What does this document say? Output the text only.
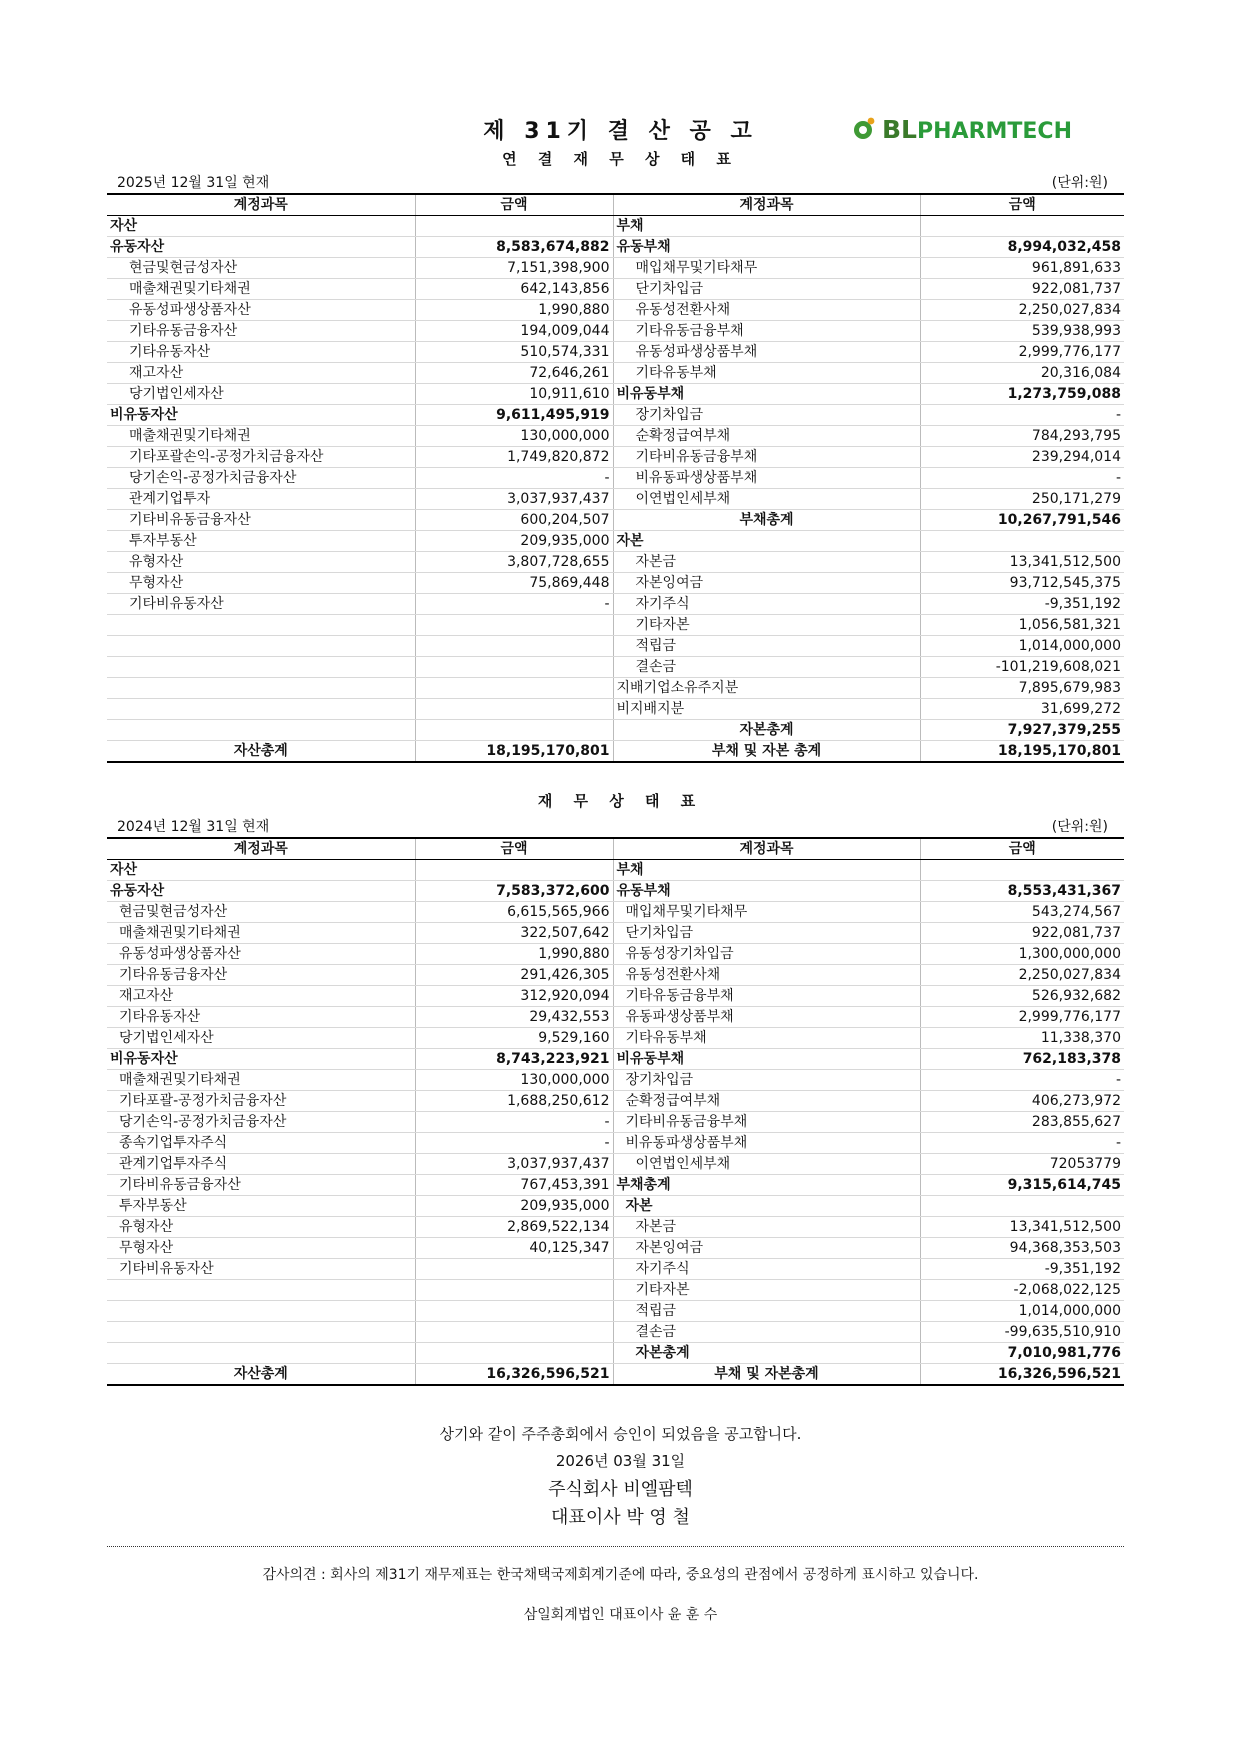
제 31기 결 산 공 고	BLPHARMTECH
연 결 재 무 상 태 표
2025년 12월 31일 현재	(단위:원)
계정과목	금액	계정과목	금액
자산		부채	
유동자산	8,583,674,882	유동부채	8,994,032,458
현금및현금성자산	7,151,398,900	매입채무및기타채무	961,891,633
매출채권및기타채권	642,143,856	단기차입금	922,081,737
유동성파생상품자산	1,990,880	유동성전환사채	2,250,027,834
기타유동금융자산	194,009,044	기타유동금융부채	539,938,993
기타유동자산	510,574,331	유동성파생상품부채	2,999,776,177
재고자산	72,646,261	기타유동부채	20,316,084
당기법인세자산	10,911,610	비유동부채	1,273,759,088
비유동자산	9,611,495,919	장기차입금	-
매출채권및기타채권	130,000,000	순확정급여부채	784,293,795
기타포괄손익-공정가치금융자산	1,749,820,872	기타비유동금융부채	239,294,014
당기손익-공정가치금융자산	-	비유동파생상품부채	-
관계기업투자	3,037,937,437	이연법인세부채	250,171,279
기타비유동금융자산	600,204,507	부채총계	10,267,791,546
투자부동산	209,935,000	자본	
유형자산	3,807,728,655	자본금	13,341,512,500
무형자산	75,869,448	자본잉여금	93,712,545,375
기타비유동자산	-	자기주식	-9,351,192
		기타자본	1,056,581,321
		적립금	1,014,000,000
		결손금	-101,219,608,021
		지배기업소유주지분	7,895,679,983
		비지배지분	31,699,272
		자본총계	7,927,379,255
자산총계	18,195,170,801	부채 및 자본 총계	18,195,170,801
재 무 상 태 표
2024년 12월 31일 현재	(단위:원)
계정과목	금액	계정과목	금액
자산		부채	
유동자산	7,583,372,600	유동부채	8,553,431,367
현금및현금성자산	6,615,565,966	매입채무및기타채무	543,274,567
매출채권및기타채권	322,507,642	단기차입금	922,081,737
유동성파생상품자산	1,990,880	유동성장기차입금	1,300,000,000
기타유동금융자산	291,426,305	유동성전환사채	2,250,027,834
재고자산	312,920,094	기타유동금융부채	526,932,682
기타유동자산	29,432,553	유동파생상품부채	2,999,776,177
당기법인세자산	9,529,160	기타유동부채	11,338,370
비유동자산	8,743,223,921	비유동부채	762,183,378
매출채권및기타채권	130,000,000	장기차입금	-
기타포괄-공정가치금융자산	1,688,250,612	순확정급여부채	406,273,972
당기손익-공정가치금융자산	-	기타비유동금융부채	283,855,627
종속기업투자주식	-	비유동파생상품부채	-
관계기업투자주식	3,037,937,437	이연법인세부채	72053779
기타비유동금융자산	767,453,391	부채총계	9,315,614,745
투자부동산	209,935,000	자본	
유형자산	2,869,522,134	자본금	13,341,512,500
무형자산	40,125,347	자본잉여금	94,368,353,503
기타비유동자산		자기주식	-9,351,192
		기타자본	-2,068,022,125
		적립금	1,014,000,000
		결손금	-99,635,510,910
		자본총계	7,010,981,776
자산총계	16,326,596,521	부채 및 자본총계	16,326,596,521
상기와 같이 주주총회에서 승인이 되었음을 공고합니다.
2026년 03월 31일
주식회사 비엘팜텍
대표이사 박 영 철
감사의견 : 회사의 제31기 재무제표는 한국채택국제회계기준에 따라, 중요성의 관점에서 공정하게 표시하고 있습니다.
삼일회계법인 대표이사 윤 훈 수
